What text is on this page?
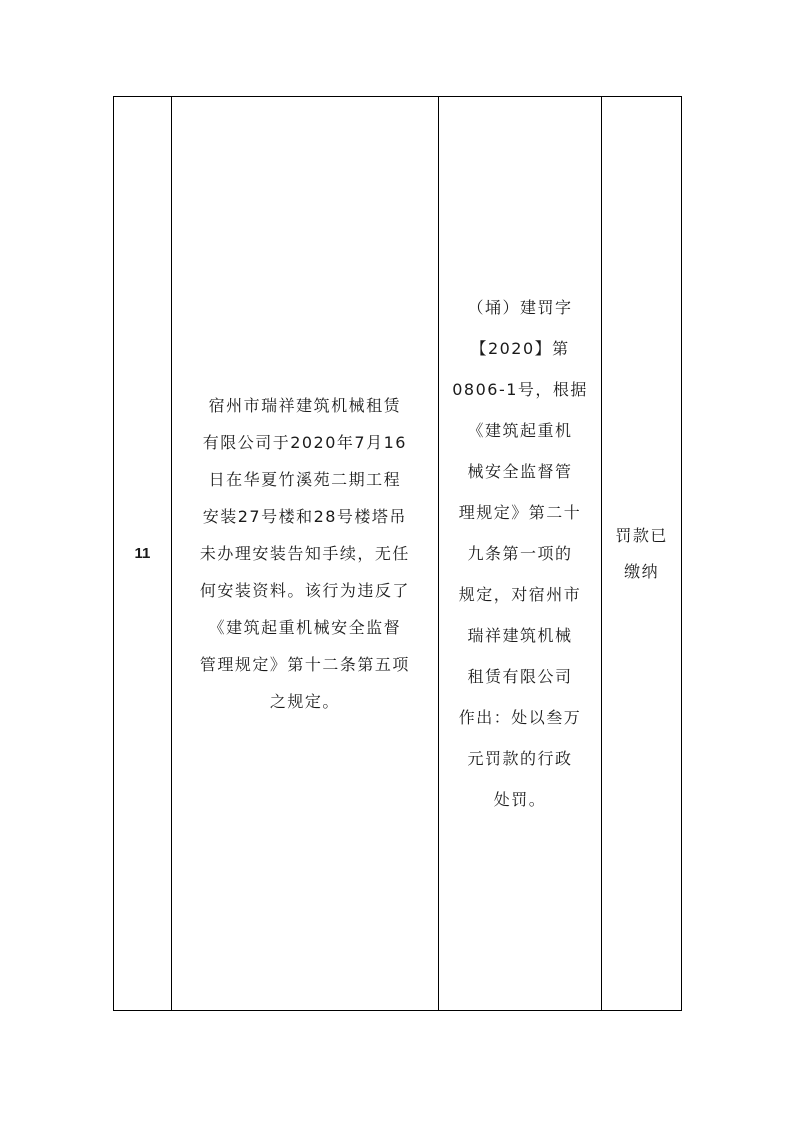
11
宿州市瑞祥建筑机械租赁
有限公司于2020年7月16
日在华夏竹溪苑二期工程
安装27号楼和28号楼塔吊
未办理安装告知手续，无任
何安装资料。该行为违反了
《建筑起重机械安全监督
管理规定》第十二条第五项
之规定。
（埇）建罚字
【2020】第
0806-1号，根据
《建筑起重机
械安全监督管
理规定》第二十
九条第一项的
规定，对宿州市
瑞祥建筑机械
租赁有限公司
作出：处以叁万
元罚款的行政
处罚。
罚款已
缴纳
